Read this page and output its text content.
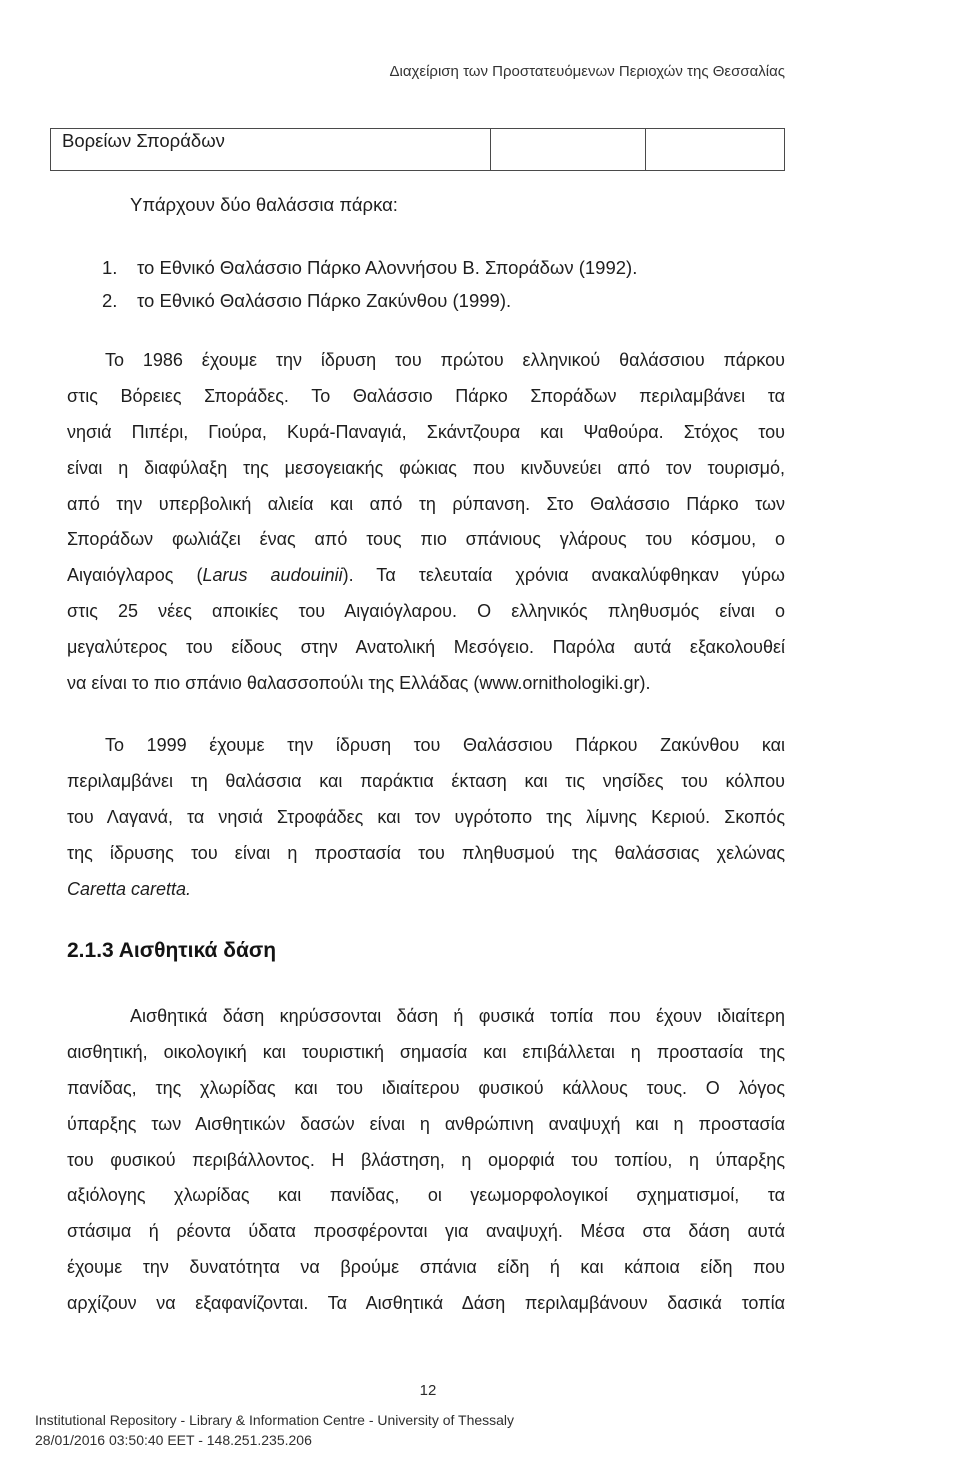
Διαχείριση των Προστατευόμενων Περιοχών της Θεσσαλίας
Βορείων Σποράδων
Υπάρχουν δύο θαλάσσια πάρκα:
1. το Εθνικό Θαλάσσιο Πάρκο Αλοννήσου Β. Σποράδων (1992).
2. το Εθνικό Θαλάσσιο Πάρκο Ζακύνθου (1999).
Το 1986 έχουμε την ίδρυση του πρώτου ελληνικού θαλάσσιου πάρκου
στις Βόρειες Σποράδες. Το Θαλάσσιο Πάρκο Σποράδων περιλαμβάνει τα
νησιά Πιπέρι, Γιούρα, Κυρά-Παναγιά, Σκάντζουρα και Ψαθούρα. Στόχος του
είναι η διαφύλαξη της μεσογειακής φώκιας που κινδυνεύει από τον τουρισμό,
από την υπερβολική αλιεία και από τη ρύπανση. Στο Θαλάσσιο Πάρκο των
Σποράδων φωλιάζει ένας από τους πιο σπάνιους γλάρους του κόσμου, ο
Αιγαιόγλαρος (Larus audouinii). Τα τελευταία χρόνια ανακαλύφθηκαν γύρω
στις 25 νέες αποικίες του Αιγαιόγλαρου. Ο ελληνικός πληθυσμός είναι ο
μεγαλύτερος του είδους στην Ανατολική Μεσόγειο. Παρόλα αυτά εξακολουθεί
να είναι το πιο σπάνιο θαλασσοπούλι της Ελλάδας (www.ornithologiki.gr).
Το 1999 έχουμε την ίδρυση του Θαλάσσιου Πάρκου Ζακύνθου και
περιλαμβάνει τη θαλάσσια και παράκτια έκταση και τις νησίδες του κόλπου
του Λαγανά, τα νησιά Στροφάδες και τον υγρότοπο της λίμνης Κεριού. Σκοπός
της ίδρυσης του είναι η προστασία του πληθυσμού της θαλάσσιας χελώνας
Caretta caretta.
2.1.3 Αισθητικά δάση
Αισθητικά δάση κηρύσσονται δάση ή φυσικά τοπία που έχουν ιδιαίτερη
αισθητική, οικολογική και τουριστική σημασία και επιβάλλεται η προστασία της
πανίδας, της χλωρίδας και του ιδιαίτερου φυσικού κάλλους τους. Ο λόγος
ύπαρξης των Αισθητικών δασών είναι η ανθρώπινη αναψυχή και η προστασία
του φυσικού περιβάλλοντος. Η βλάστηση, η ομορφιά του τοπίου, η ύπαρξης
αξιόλογης χλωρίδας και πανίδας, οι γεωμορφολογικοί σχηματισμοί, τα
στάσιμα ή ρέοντα ύδατα προσφέρονται για αναψυχή. Μέσα στα δάση αυτά
έχουμε την δυνατότητα να βρούμε σπάνια είδη ή και κάποια είδη που
αρχίζουν να εξαφανίζονται. Τα Αισθητικά Δάση περιλαμβάνουν δασικά τοπία
12
Institutional Repository - Library & Information Centre - University of Thessaly
28/01/2016 03:50:40 EET - 148.251.235.206
